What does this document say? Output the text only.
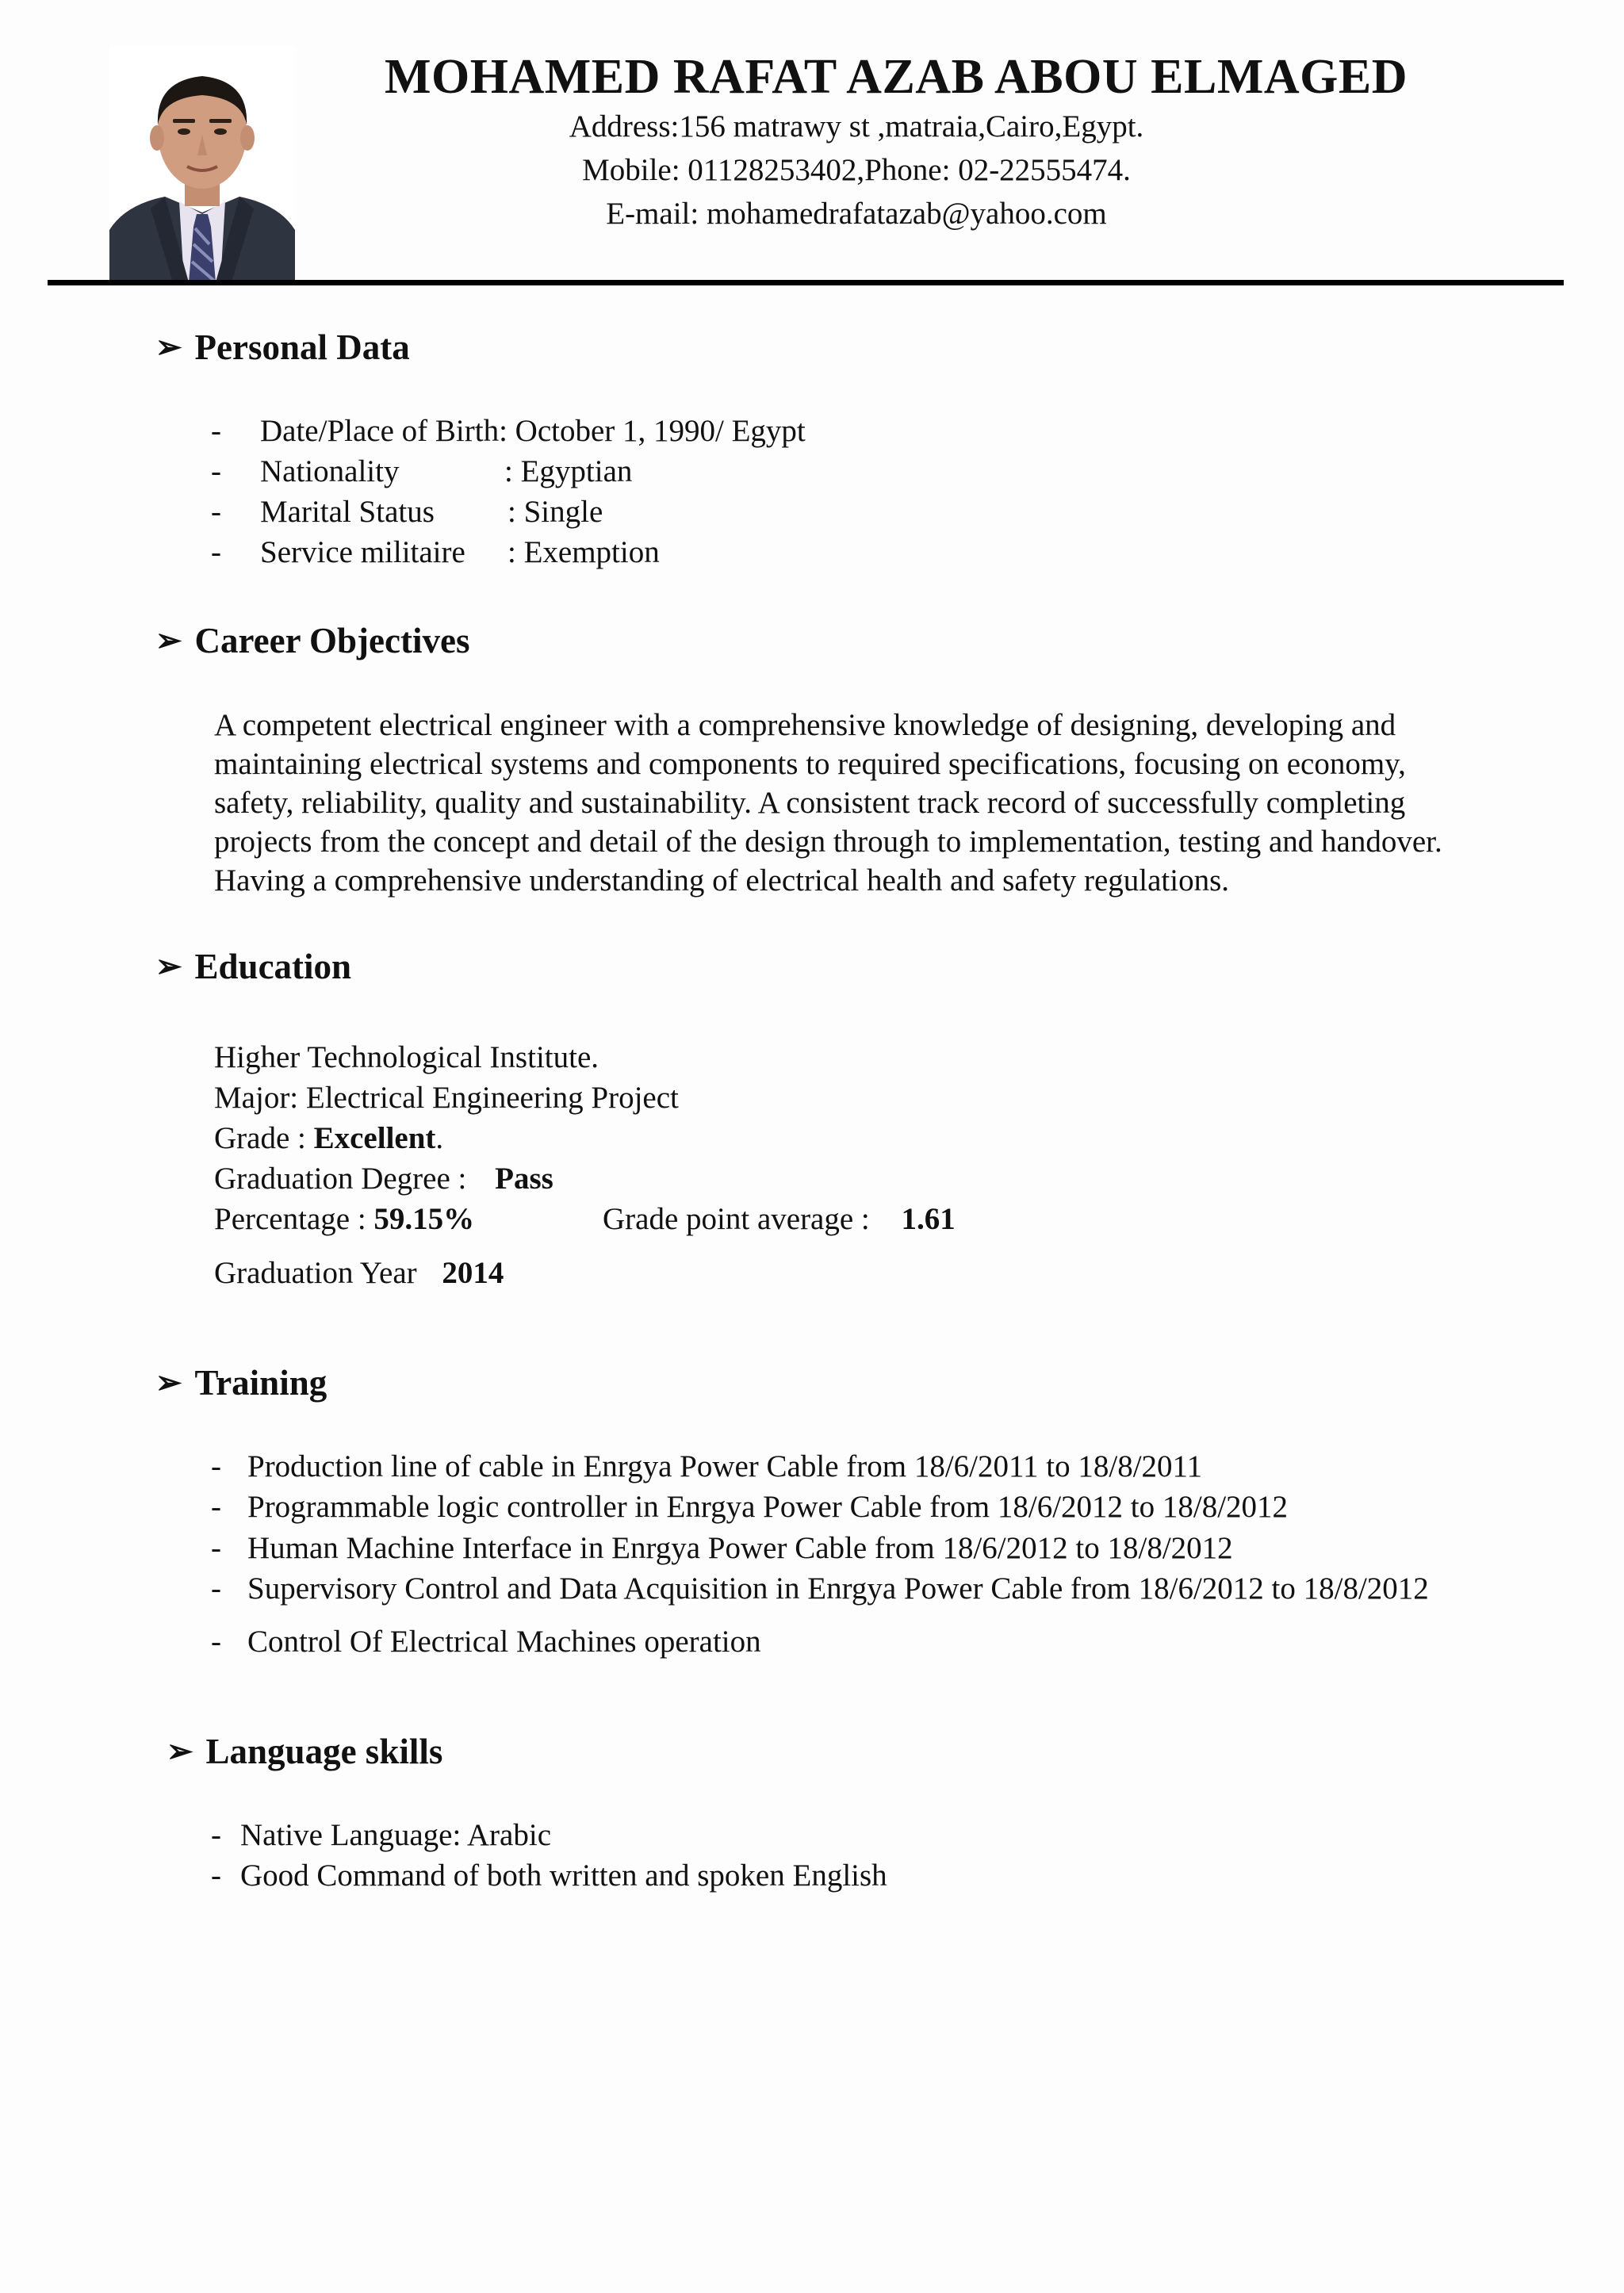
MOHAMED RAFAT AZAB ABOU ELMAGED
Address:156 matrawy st ,matraia,Cairo,Egypt.
Mobile: 01128253402,Phone: 02-22555474.
E-mail: mohamedrafatazab@yahoo.com
➢ Personal Data
- Date/Place of Birth: October 1, 1990/ Egypt
- Nationality	: Egyptian
- Marital Status : Single
- Service militaire : Exemption
➢ Career Objectives
A competent electrical engineer with a comprehensive knowledge of designing, developing and
maintaining electrical systems and components to required specifications, focusing on economy,
safety, reliability, quality and sustainability. A consistent track record of successfully completing
projects from the concept and detail of the design through to implementation, testing and handover.
Having a comprehensive understanding of electrical health and safety regulations.
➢ Education
Higher Technological Institute.
Major: Electrical Engineering Project
Grade : Excellent.
Graduation Degree : Pass
Percentage : 59.15%	Grade point average : 1.61
Graduation Year 2014
➢ Training
- Production line of cable in Enrgya Power Cable from 18/6/2011 to 18/8/2011
- Programmable logic controller in Enrgya Power Cable from 18/6/2012 to 18/8/2012
- Human Machine Interface in Enrgya Power Cable from 18/6/2012 to 18/8/2012
- Supervisory Control and Data Acquisition in Enrgya Power Cable from 18/6/2012 to 18/8/2012
- Control Of Electrical Machines operation
➢ Language skills
- Native Language: Arabic
- Good Command of both written and spoken English
